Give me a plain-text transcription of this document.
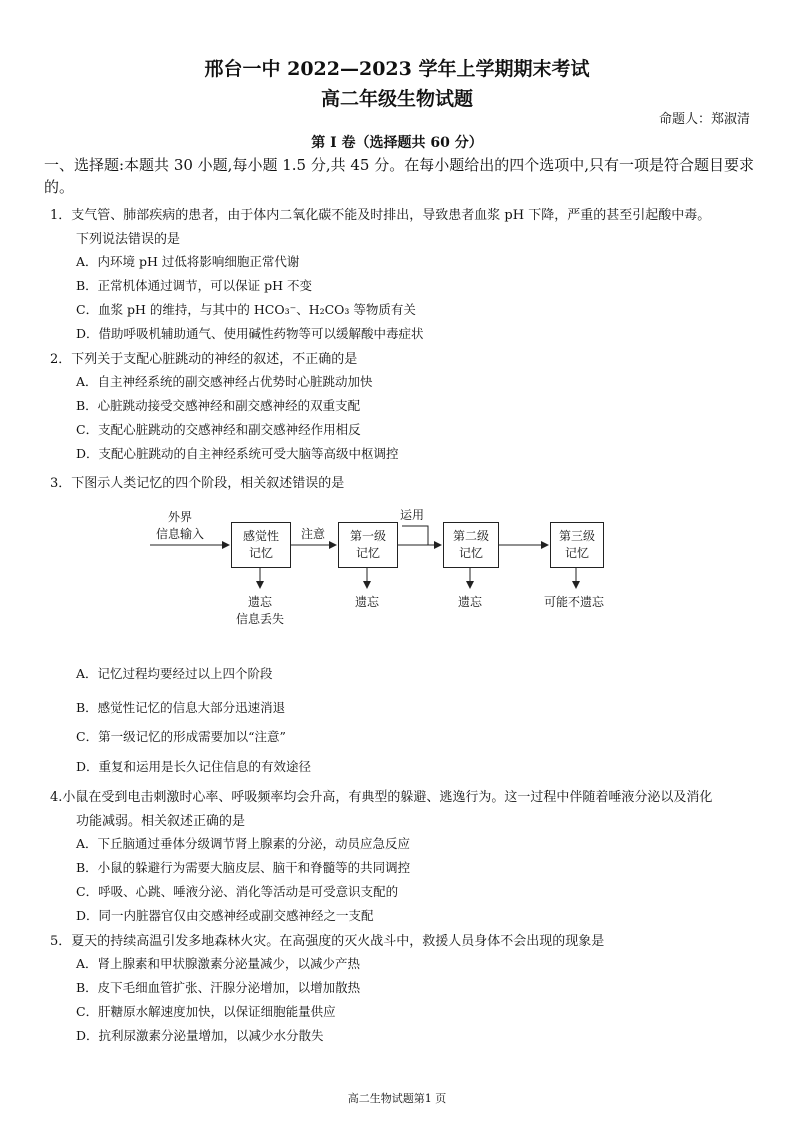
邢台一中 2022—2023 学年上学期期末考试
高二年级生物试题
命题人：郑淑清
第 I 卷（选择题共 60 分）
一、选择题:本题共 30 小题,每小题 1.5 分,共 45 分。在每小题给出的四个选项中,只有一项是符合题目要求的。
1．支气管、肺部疾病的患者，由于体内二氧化碳不能及时排出，导致患者血浆 pH 下降，严重的甚至引起酸中毒。
下列说法错误的是
A．内环境 pH 过低将影响细胞正常代谢
B．正常机体通过调节，可以保证 pH 不变
C．血浆 pH 的维持，与其中的 HCO₃⁻、H₂CO₃ 等物质有关
D．借助呼吸机辅助通气、使用碱性药物等可以缓解酸中毒症状
2．下列关于支配心脏跳动的神经的叙述，不正确的是
A．自主神经系统的副交感神经占优势时心脏跳动加快
B．心脏跳动接受交感神经和副交感神经的双重支配
C．支配心脏跳动的交感神经和副交感神经作用相反
D．支配心脏跳动的自主神经系统可受大脑等高级中枢调控
3．下图示人类记忆的四个阶段，相关叙述错误的是
外界
信息输入	感觉性
记忆
第一级
记忆
第二级
记忆
第三级
记忆
注意
运用
遗忘
信息丢失
遗忘	遗忘	可能不遗忘
A．记忆过程均要经过以上四个阶段
B．感觉性记忆的信息大部分迅速消退
C．第一级记忆的形成需要加以“注意”
D．重复和运用是长久记住信息的有效途径
4.小鼠在受到电击刺激时心率、呼吸频率均会升高，有典型的躲避、逃逸行为。这一过程中伴随着唾液分泌以及消化
功能减弱。相关叙述正确的是
A．下丘脑通过垂体分级调节肾上腺素的分泌，动员应急反应
B．小鼠的躲避行为需要大脑皮层、脑干和脊髓等的共同调控
C．呼吸、心跳、唾液分泌、消化等活动是可受意识支配的
D．同一内脏器官仅由交感神经或副交感神经之一支配
5．夏天的持续高温引发多地森林火灾。在高强度的灭火战斗中，救援人员身体不会出现的现象是
A．肾上腺素和甲状腺激素分泌量减少，以减少产热
B．皮下毛细血管扩张、汗腺分泌增加，以增加散热
C．肝糖原水解速度加快，以保证细胞能量供应
D．抗利尿激素分泌量增加，以减少水分散失
高二生物试题第1 页
